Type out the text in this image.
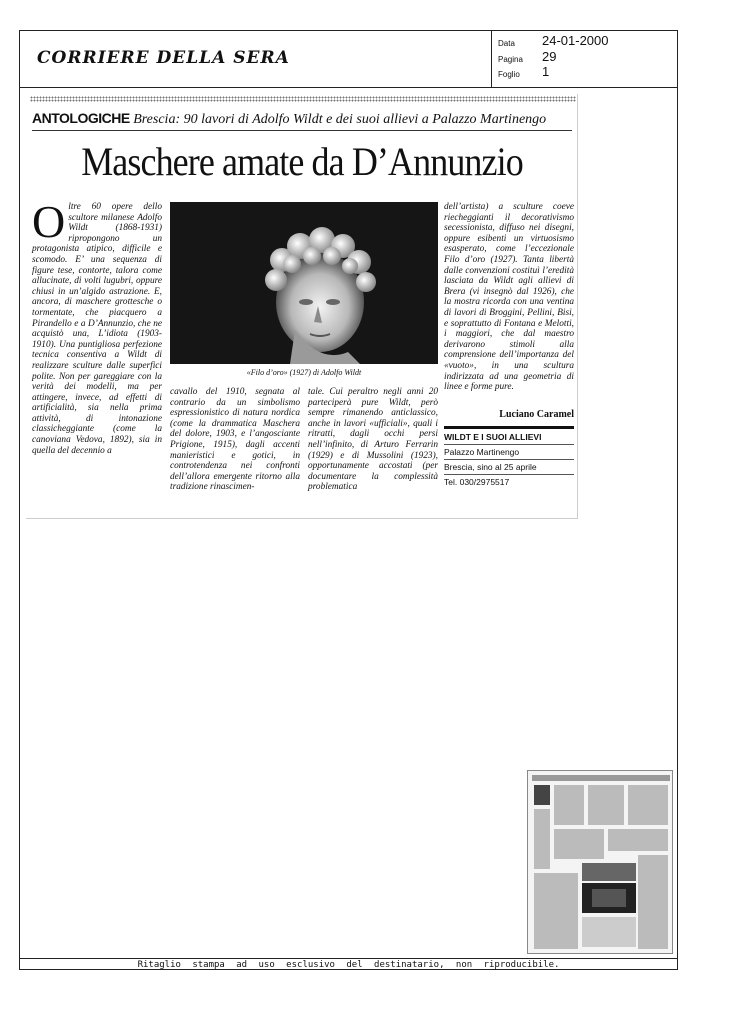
CORRIERE DELLA SERA
Data 24-01-2000
Pagina 29
Foglio 1
ANTOLOGICHE Brescia: 90 lavori di Adolfo Wildt e dei suoi allievi a Palazzo Martinengo
Maschere amate da D’Annunzio
Oltre 60 opere dello scultore milanese Adolfo Wildt (1868-1931) ripropongono un protagonista atipico, difficile e scomodo. E’ una sequenza di figure tese, contorte, talora come allucinate, di volti lugubri, oppure chiusi in un’algido astrazione. E, ancora, di maschere grottesche o tormentate, che piacquero a Pirandello e a D’Annunzio, che ne acquistò una, L’idiota (1903-1910). Una puntigliosa perfezione tecnica consentiva a Wildt di realizzare sculture dalle superfici polite. Non per gareggiare con la verità dei modelli, ma per attingere, invece, ad effetti di artificialità, sia nella prima attività, di intonazione classicheggiante (come la canoviana Vedova, 1892), sia in quella del decennio a
«Filo d’oro» (1927) di Adolfo Wildt
cavallo del 1910, segnata al contrario da un simbolismo espressionistico di natura nordica (come la drammatica Maschera del dolore, 1903, e l’angosciante Prigione, 1915), dagli accenti manieristici e gotici, in controtendenza nei confronti dell’allora emergente ritorno alla tradizione rinascimen-
tale. Cui peraltro negli anni 20 parteciperà pure Wildt, però sempre rimanendo anticlassico, anche in lavori «ufficiali», quali i ritratti, dagli occhi persi nell’infinito, di Arturo Ferrarin (1929) e di Mussolini (1923), opportunamente accostati (per documentare la complessità problematica
dell’artista) a sculture coeve riecheggianti il decorativismo secessionista, diffuso nei disegni, oppure esibenti un virtuosismo esasperato, come l’eccezionale Filo d’oro (1927). Tanta libertà dalle convenzioni costituì l’eredità lasciata da Wildt agli allievi di Brera (vi insegnò dal 1926), che la mostra ricorda con una ventina di lavori di Broggini, Pellini, Bisi, e soprattutto di Fontana e Melotti, i maggiori, che dal maestro derivarono stimoli alla comprensione dell’importanza del «vuoto», in una scultura indirizzata ad una geometria di linee e forme pure.
Luciano Caramel
WILDT E I SUOI ALLIEVI
Palazzo Martinengo
Brescia, sino al 25 aprile
Tel. 030/2975517
Ritaglio stampa ad uso esclusivo del destinatario, non riproducibile.
